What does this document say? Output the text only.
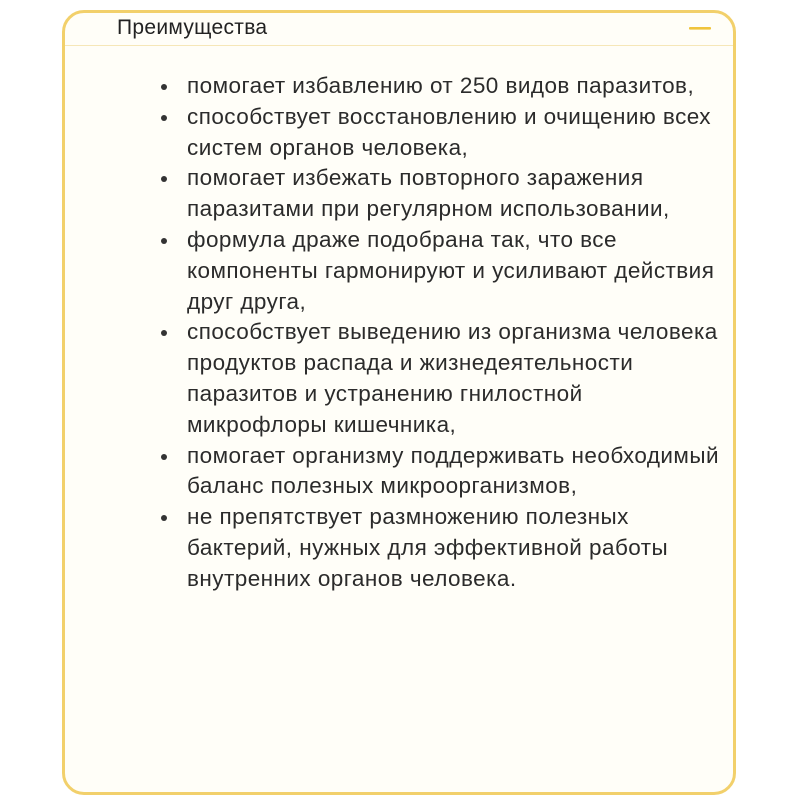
Преимущества
помогает избавлению от 250 видов паразитов,
способствует восстановлению и очищению всех систем органов человека,
помогает избежать повторного заражения паразитами при регулярном использовании,
формула драже подобрана так, что все компоненты гармонируют и усиливают действия друг друга,
способствует выведению из организма человека продуктов распада и жизнедеятельности паразитов и устранению гнилостной микрофлоры кишечника,
помогает организму поддерживать необходимый баланс полезных микроорганизмов,
не препятствует размножению полезных бактерий, нужных для эффективной работы внутренних органов человека.
